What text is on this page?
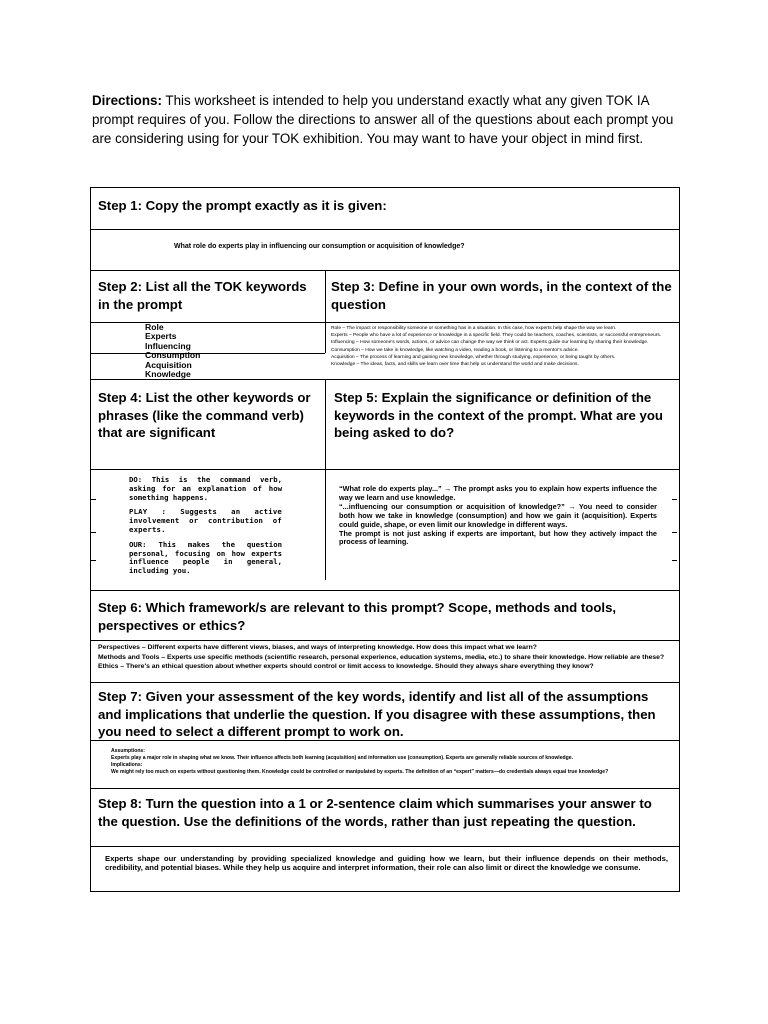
Directions: This worksheet is intended to help you understand exactly what any given TOK IA prompt requires of you. Follow the directions to answer all of the questions about each prompt you are considering using for your TOK exhibition. You may want to have your object in mind first.
Step 1: Copy the prompt exactly as it is given:
What role do experts play in influencing our consumption or acquisition of knowledge?
Step 2: List all the TOK keywords in the prompt
Step 3: Define in your own words, in the context of the question
Role
Experts
Influencing
Consumption
Acquisition
Knowledge
Role – The impact or responsibility someone or something has in a situation. In this case, how experts help shape the way we learn.
Experts – People who have a lot of experience or knowledge in a specific field. They could be teachers, coaches, scientists, or successful entrepreneurs.
Influencing – How someone's words, actions, or advice can change the way we think or act. Experts guide our learning by sharing their knowledge.
Consumption – How we take in knowledge, like watching a video, reading a book, or listening to a mentor's advice.
Acquisition – The process of learning and gaining new knowledge, whether through studying, experience, or being taught by others.
Knowledge – The ideas, facts, and skills we learn over time that help us understand the world and make decisions.
Step 4: List the other keywords or phrases (like the command verb) that are significant
Step 5: Explain the significance or definition of the keywords in the context of the prompt. What are you being asked to do?
DO: This is the command verb, asking for an explanation of how something happens.
PLAY : Suggests an active involvement or contribution of experts.
OUR: This makes the question personal, focusing on how experts influence people in general, including you.
“What role do experts play...” → The prompt asks you to explain how experts influence the way we learn and use knowledge.
“...influencing our consumption or acquisition of knowledge?” → You need to consider both how we take in knowledge (consumption) and how we gain it (acquisition). Experts could guide, shape, or even limit our knowledge in different ways.
The prompt is not just asking if experts are important, but how they actively impact the process of learning.
Step 6: Which framework/s are relevant to this prompt? Scope, methods and tools, perspectives or ethics?
Perspectives – Different experts have different views, biases, and ways of interpreting knowledge. How does this impact what we learn?
Methods and Tools – Experts use specific methods (scientific research, personal experience, education systems, media, etc.) to share their knowledge. How reliable are these?
Ethics – There's an ethical question about whether experts should control or limit access to knowledge. Should they always share everything they know?
Step 7: Given your assessment of the key words, identify and list all of the assumptions and implications that underlie the question. If you disagree with these assumptions, then you need to select a different prompt to work on.
Assumptions:
Experts play a major role in shaping what we know. Their influence affects both learning (acquisition) and information use (consumption). Experts are generally reliable sources of knowledge.
Implications:
We might rely too much on experts without questioning them. Knowledge could be controlled or manipulated by experts. The definition of an “expert” matters—do credentials always equal true knowledge?
Step 8: Turn the question into a 1 or 2-sentence claim which summarises your answer to the question. Use the definitions of the words, rather than just repeating the question.
Experts shape our understanding by providing specialized knowledge and guiding how we learn, but their influence depends on their methods, credibility, and potential biases. While they help us acquire and interpret information, their role can also limit or direct the knowledge we consume.
